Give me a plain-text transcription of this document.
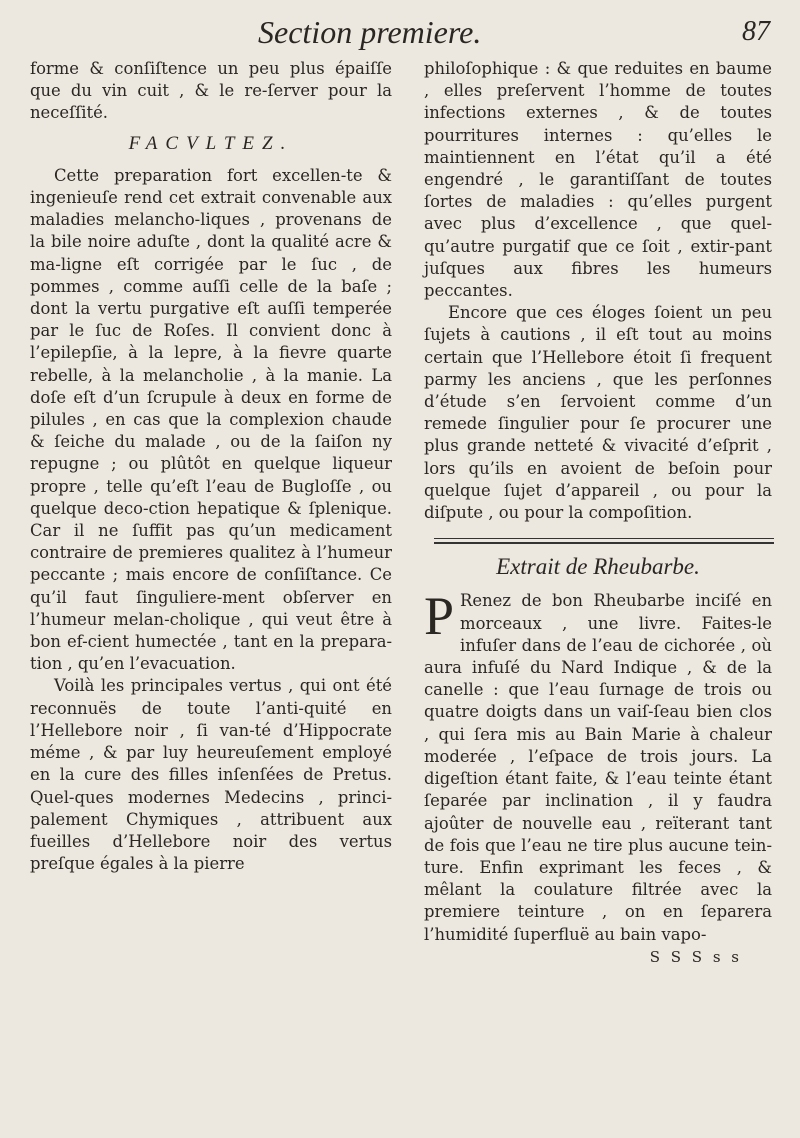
Section premiere.	87

forme & conſiſtence un peu plus épaiſſe que du vin cuit , & le re-ſerver pour la neceſſité.

FACVLTEZ.

Cette preparation fort excellen-te & ingenieuſe rend cet extrait convenable aux maladies melancho-liques , provenans de la bile noire aduſte , dont la qualité acre & ma-ligne eſt corrigée par le ſuc , de pommes , comme auſſi celle de la baſe ; dont la vertu purgative eſt auſſi temperée par le ſuc de Roſes. Il convient donc à l’epilepſie, à la lepre, à la fievre quarte rebelle, à la melancholie , à la manie. La doſe eſt d’un ſcrupule à deux en forme de pilules , en cas que la complexion chaude & ſeiche du malade , ou de la ſaiſon ny repugne ; ou plûtôt en quelque liqueur propre , telle qu’eſt l’eau de Bugloſſe , ou quelque deco-ction hepatique & ſplenique. Car il ne ſuffit pas qu’un medicament contraire de premieres qualitez à l’humeur peccante ; mais encore de conſiſtance. Ce qu’il faut ſinguliere-ment obſerver en l’humeur melan-cholique , qui veut être à bon ef-cient humectée , tant en la prepara-tion , qu’en l’evacuation.

Voilà les principales vertus , qui ont été reconnuës de toute l’anti-quité en l’Hellebore noir , ſi van-té d’Hippocrate méme , & par luy heureuſement employé en la cure des filles inſenſées de Pretus. Quel-ques modernes Medecins , princi-palement Chymiques , attribuent aux fueilles d’Hellebore noir des vertus preſque égales à la pierre

philoſophique : & que reduites en baume , elles preſervent l’homme de toutes infections externes , & de toutes pourritures internes : qu’elles le maintiennent en l’état qu’il a été engendré , le garantiſſant de toutes ſortes de maladies : qu’elles purgent avec plus d’excellence , que quel-qu’autre purgatif que ce ſoit , extir-pant juſques aux fibres les humeurs peccantes.

Encore que ces éloges ſoient un peu ſujets à cautions , il eſt tout au moins certain que l’Hellebore étoit ſi frequent parmy les anciens , que les perſonnes d’étude s’en ſervoient comme d’un remede ſingulier pour ſe procurer une plus grande netteté & vivacité d’eſprit , lors qu’ils en avoient de beſoin pour quelque ſujet d’appareil , ou pour la diſpute , ou pour la compoſition.

Extrait de Rheubarbe.

P Renez de bon Rheubarbe inciſé en morceaux , une livre. Faites-le infuſer dans de l’eau de cichorée , où aura infuſé du Nard Indique , & de la canelle : que l’eau ſurnage de trois ou quatre doigts dans un vaiſ-ſeau bien clos , qui ſera mis au Bain Marie à chaleur moderée , l’eſpace de trois jours. La digeſtion étant faite, & l’eau teinte étant ſeparée par inclination , il y faudra ajoûter de nouvelle eau , reïterant tant de fois que l’eau ne tire plus aucune tein-ture. Enfin exprimant les feces , & mêlant la coulature filtrée avec la premiere teinture , on en ſeparera l’humidité ſuperfluë au bain vapo-

S S S s s
